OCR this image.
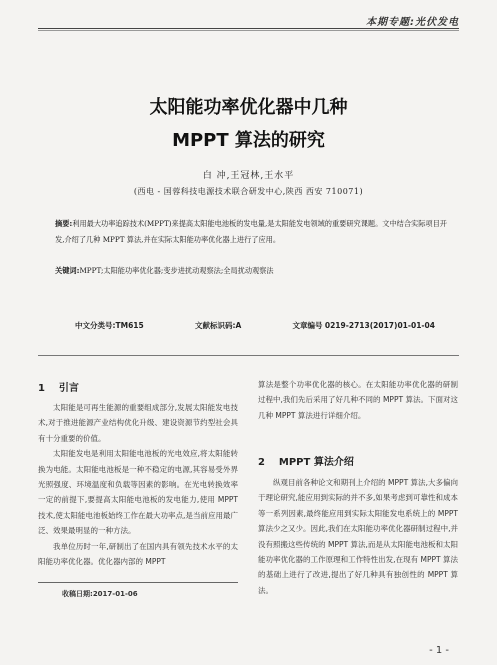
本期专题:光伏发电
太阳能功率优化器中几种
MPPT 算法的研究
白 冲,王冠林,王水平
(西电 - 国蓉科技电源技术联合研发中心,陕西 西安 710071)
摘要:利用最大功率追踪技术(MPPT)来提高太阳能电池板的发电量,是太阳能发电领域的重要研究课题。文中结合实际项目开发,介绍了几种 MPPT 算法,并在实际太阳能功率优化器上进行了应用。
关键词:MPPT;太阳能功率优化器;变步进扰动观察法;全局扰动观察法
中文分类号:TM615	文献标识码:A	文章编号 0219-2713(2017)01-01-04
1 引言

太阳能是可再生能源的重要组成部分,发展太阳能发电技术,对于推进能源产业结构优化升级、建设资源节约型社会具有十分重要的价值。

太阳能发电是利用太阳能电池板的光电效应,将太阳能转换为电能。太阳能电池板是一种不稳定的电源,其容易受外界光照强度、环境温度和负载等因素的影响。在光电转换效率一定的前提下,要提高太阳能电池板的发电能力,使用 MPPT 技术,使太阳能电池板始终工作在最大功率点,是当前应用最广泛、效果最明显的一种方法。

我单位历时一年,研制出了在国内具有领先技术水平的太阳能功率优化器。优化器内部的 MPPT

算法是整个功率优化器的核心。在太阳能功率优化器的研制过程中,我们先后采用了好几种不同的 MPPT 算法。下面对这几种 MPPT 算法进行详细介绍。

2 MPPT 算法介绍

纵观目前各种论文和期刊上介绍的 MPPT 算法,大多偏向于理论研究,能应用到实际的并不多,如果考虑到可靠性和成本等一系列因素,最终能应用到实际太阳能发电系统上的 MPPT 算法少之又少。因此,我们在太阳能功率优化器研制过程中,并没有照搬这些传统的 MPPT 算法,而是从太阳能电池板和太阳能功率优化器的工作原理和工作特性出发,在现有 MPPT 算法的基础上进行了改进,提出了好几种具有独创性的 MPPT 算法。

收稿日期:2017-01-06
- 1 -
